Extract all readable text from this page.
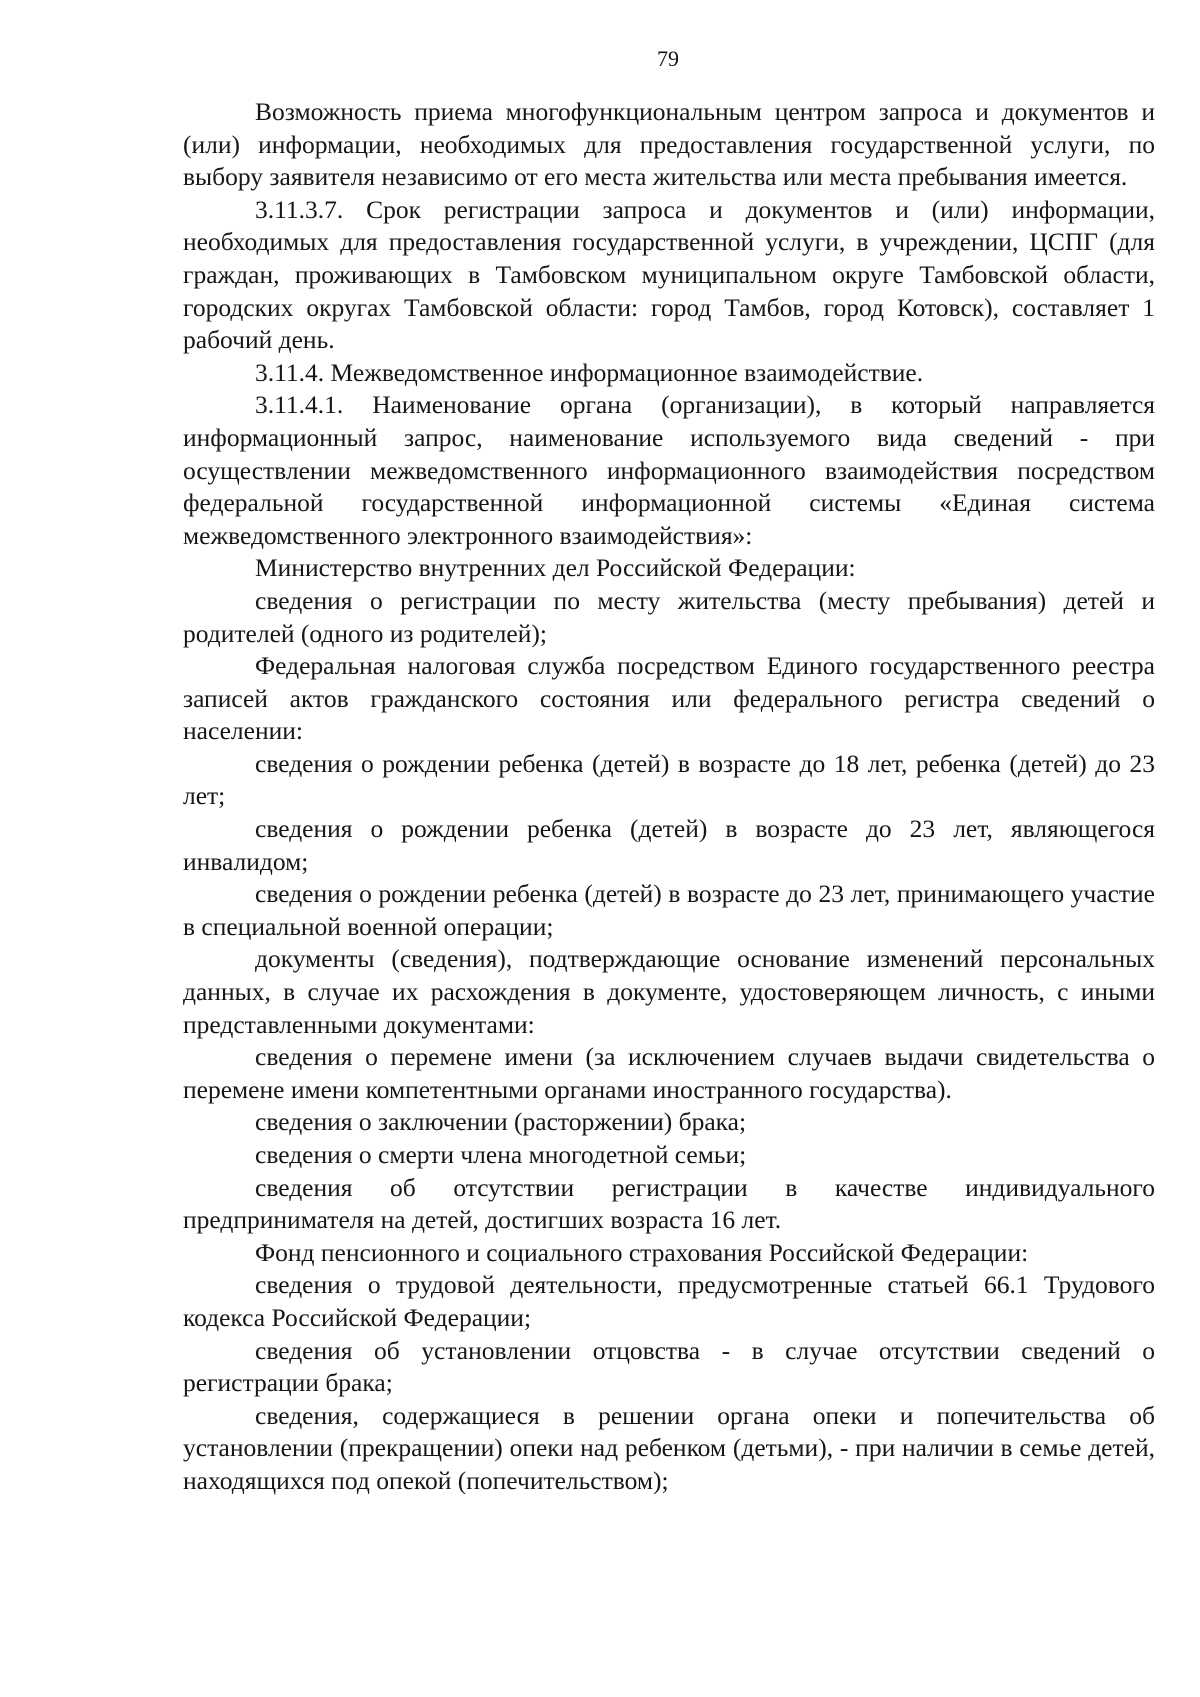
79

Возможность приема многофункциональным центром запроса и документов и (или) информации, необходимых для предоставления государственной услуги, по выбору заявителя независимо от его места жительства или места пребывания имеется.

3.11.3.7. Срок регистрации запроса и документов и (или) информации, необходимых для предоставления государственной услуги, в учреждении, ЦСПГ (для граждан, проживающих в Тамбовском муниципальном округе Тамбовской области, городских округах Тамбовской области: город Тамбов, город Котовск), составляет 1 рабочий день.

3.11.4. Межведомственное информационное взаимодействие.

3.11.4.1. Наименование органа (организации), в который направляется информационный запрос, наименование используемого вида сведений - при осуществлении межведомственного информационного взаимодействия посредством федеральной государственной информационной системы «Единая система межведомственного электронного взаимодействия»:

Министерство внутренних дел Российской Федерации:

сведения о регистрации по месту жительства (месту пребывания) детей и родителей (одного из родителей);

Федеральная налоговая служба посредством Единого государственного реестра записей актов гражданского состояния или федерального регистра сведений о населении:

сведения о рождении ребенка (детей) в возрасте до 18 лет, ребенка (детей) до 23 лет;

сведения о рождении ребенка (детей) в возрасте до 23 лет, являющегося инвалидом;

сведения о рождении ребенка (детей) в возрасте до 23 лет, принимающего участие в специальной военной операции;

документы (сведения), подтверждающие основание изменений персональных данных, в случае их расхождения в документе, удостоверяющем личность, с иными представленными документами:

сведения о перемене имени (за исключением случаев выдачи свидетельства о перемене имени компетентными органами иностранного государства).

сведения о заключении (расторжении) брака;

сведения о смерти члена многодетной семьи;

сведения об отсутствии регистрации в качестве индивидуального предпринимателя на детей, достигших возраста 16 лет.

Фонд пенсионного и социального страхования Российской Федерации:

сведения о трудовой деятельности, предусмотренные статьей 66.1 Трудового кодекса Российской Федерации;

сведения об установлении отцовства - в случае отсутствии сведений о регистрации брака;

сведения, содержащиеся в решении органа опеки и попечительства об установлении (прекращении) опеки над ребенком (детьми), - при наличии в семье детей, находящихся под опекой (попечительством);
